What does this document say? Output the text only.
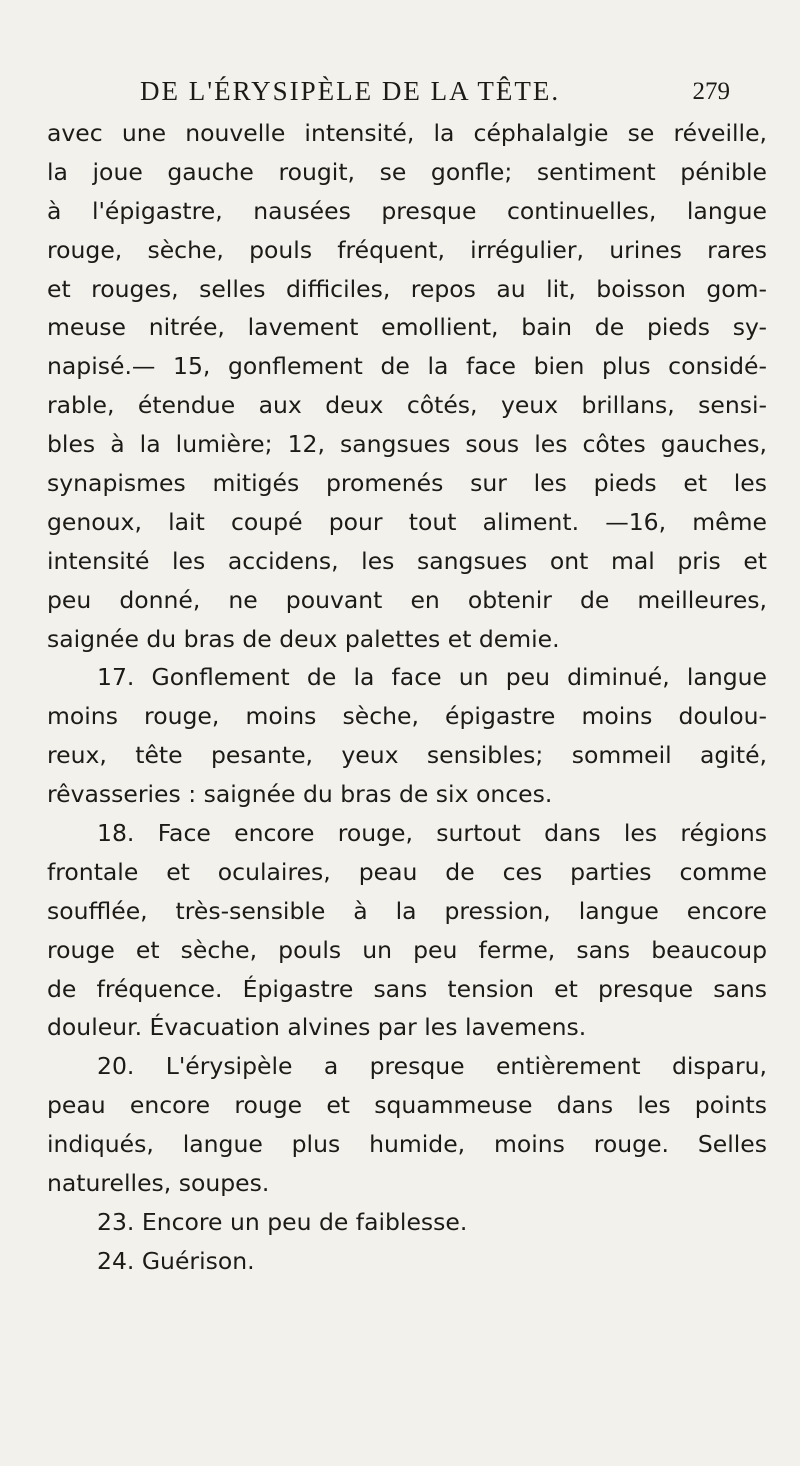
DE L'ÉRYSIPÈLE DE LA TÊTE.	279
avec une nouvelle intensité, la céphalalgie se réveille,
la joue gauche rougit, se gonfle; sentiment pénible
à l'épigastre, nausées presque continuelles, langue
rouge, sèche, pouls fréquent, irrégulier, urines rares
et rouges, selles difficiles, repos au lit, boisson gom-
meuse nitrée, lavement emollient, bain de pieds sy-
napisé.— 15, gonflement de la face bien plus considé-
rable, étendue aux deux côtés, yeux brillans, sensi-
bles à la lumière; 12, sangsues sous les côtes gauches,
synapismes mitigés promenés sur les pieds et les
genoux, lait coupé pour tout aliment. —16, même
intensité les accidens, les sangsues ont mal pris et
peu donné, ne pouvant en obtenir de meilleures,
saignée du bras de deux palettes et demie.
17. Gonflement de la face un peu diminué, langue
moins rouge, moins sèche, épigastre moins doulou-
reux, tête pesante, yeux sensibles; sommeil agité,
rêvasseries : saignée du bras de six onces.
18. Face encore rouge, surtout dans les régions
frontale et oculaires, peau de ces parties comme
soufflée, très-sensible à la pression, langue encore
rouge et sèche, pouls un peu ferme, sans beaucoup
de fréquence. Épigastre sans tension et presque sans
douleur. Évacuation alvines par les lavemens.
20. L'érysipèle a presque entièrement disparu,
peau encore rouge et squammeuse dans les points
indiqués, langue plus humide, moins rouge. Selles
naturelles, soupes.
23. Encore un peu de faiblesse.
24. Guérison.
